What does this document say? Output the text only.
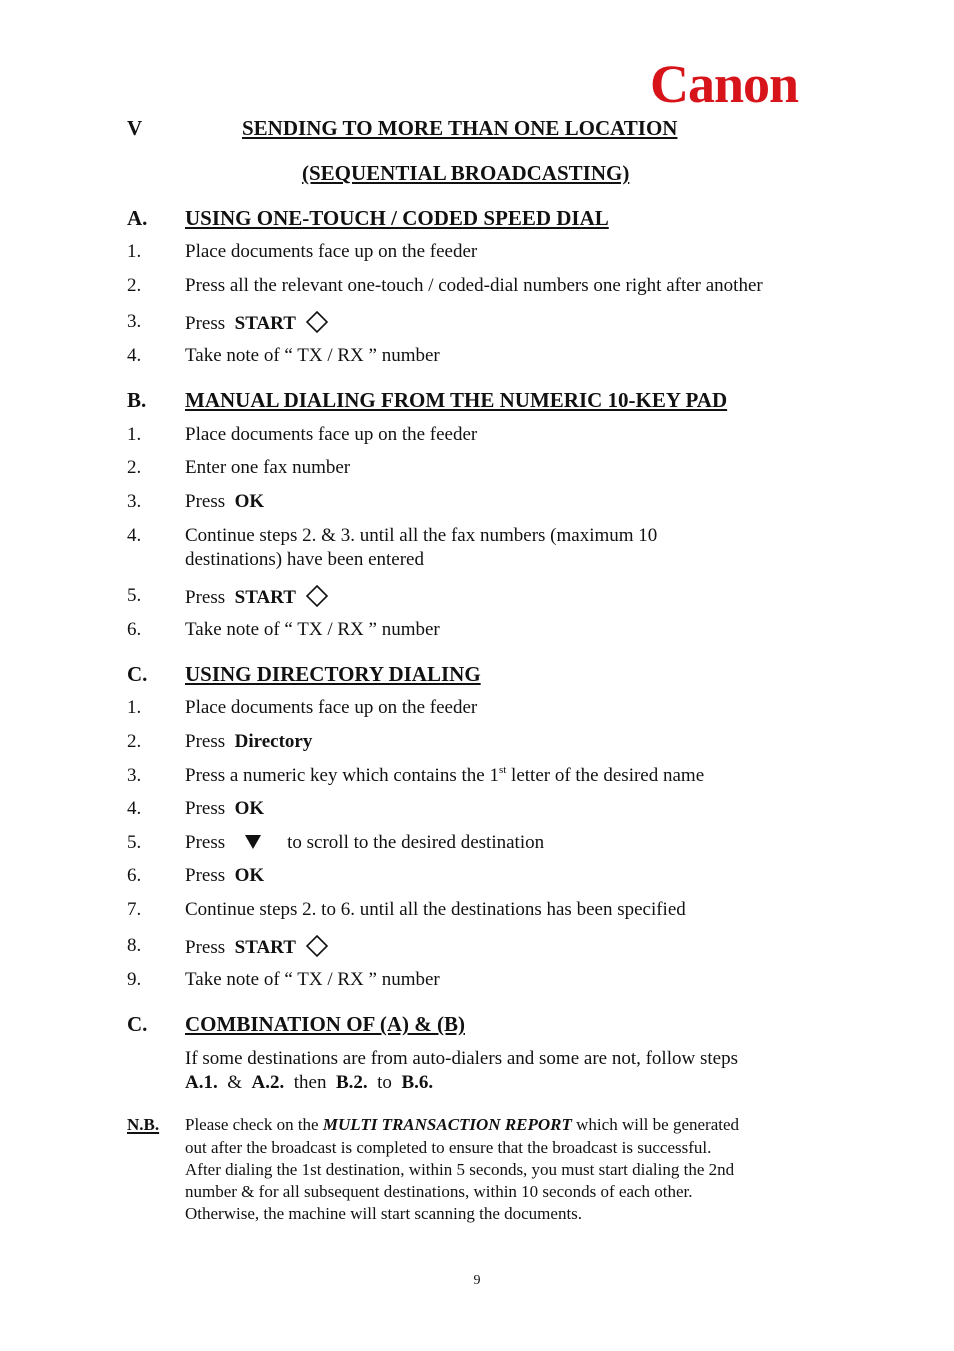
Canon
V	SENDING TO MORE THAN ONE LOCATION
(SEQUENTIAL BROADCASTING)
A. USING ONE-TOUCH / CODED SPEED DIAL
1. Place documents face up on the feeder
2. Press all the relevant one-touch / coded-dial numbers one right after another
3. Press START
4. Take note of “ TX / RX ” number
B. MANUAL DIALING FROM THE NUMERIC 10-KEY PAD
1. Place documents face up on the feeder
2. Enter one fax number
3. Press OK
4. Continue steps 2. & 3. until all the fax numbers (maximum 10
destinations) have been entered
5. Press START
6. Take note of “ TX / RX ” number
C. USING DIRECTORY DIALING
1. Place documents face up on the feeder
2. Press Directory
3. Press a numeric key which contains the 1st letter of the desired name
4. Press OK
5. Press	to scroll to the desired destination
6. Press OK
7. Continue steps 2. to 6. until all the destinations has been specified
8. Press START
9. Take note of “ TX / RX ” number
C. COMBINATION OF (A) & (B)
If some destinations are from auto-dialers and some are not, follow steps
A.1. & A.2. then B.2. to B.6.
N.B. Please check on the MULTI TRANSACTION REPORT which will be generated
out after the broadcast is completed to ensure that the broadcast is successful.
After dialing the 1st destination, within 5 seconds, you must start dialing the 2nd
number & for all subsequent destinations, within 10 seconds of each other.
Otherwise, the machine will start scanning the documents.
9
